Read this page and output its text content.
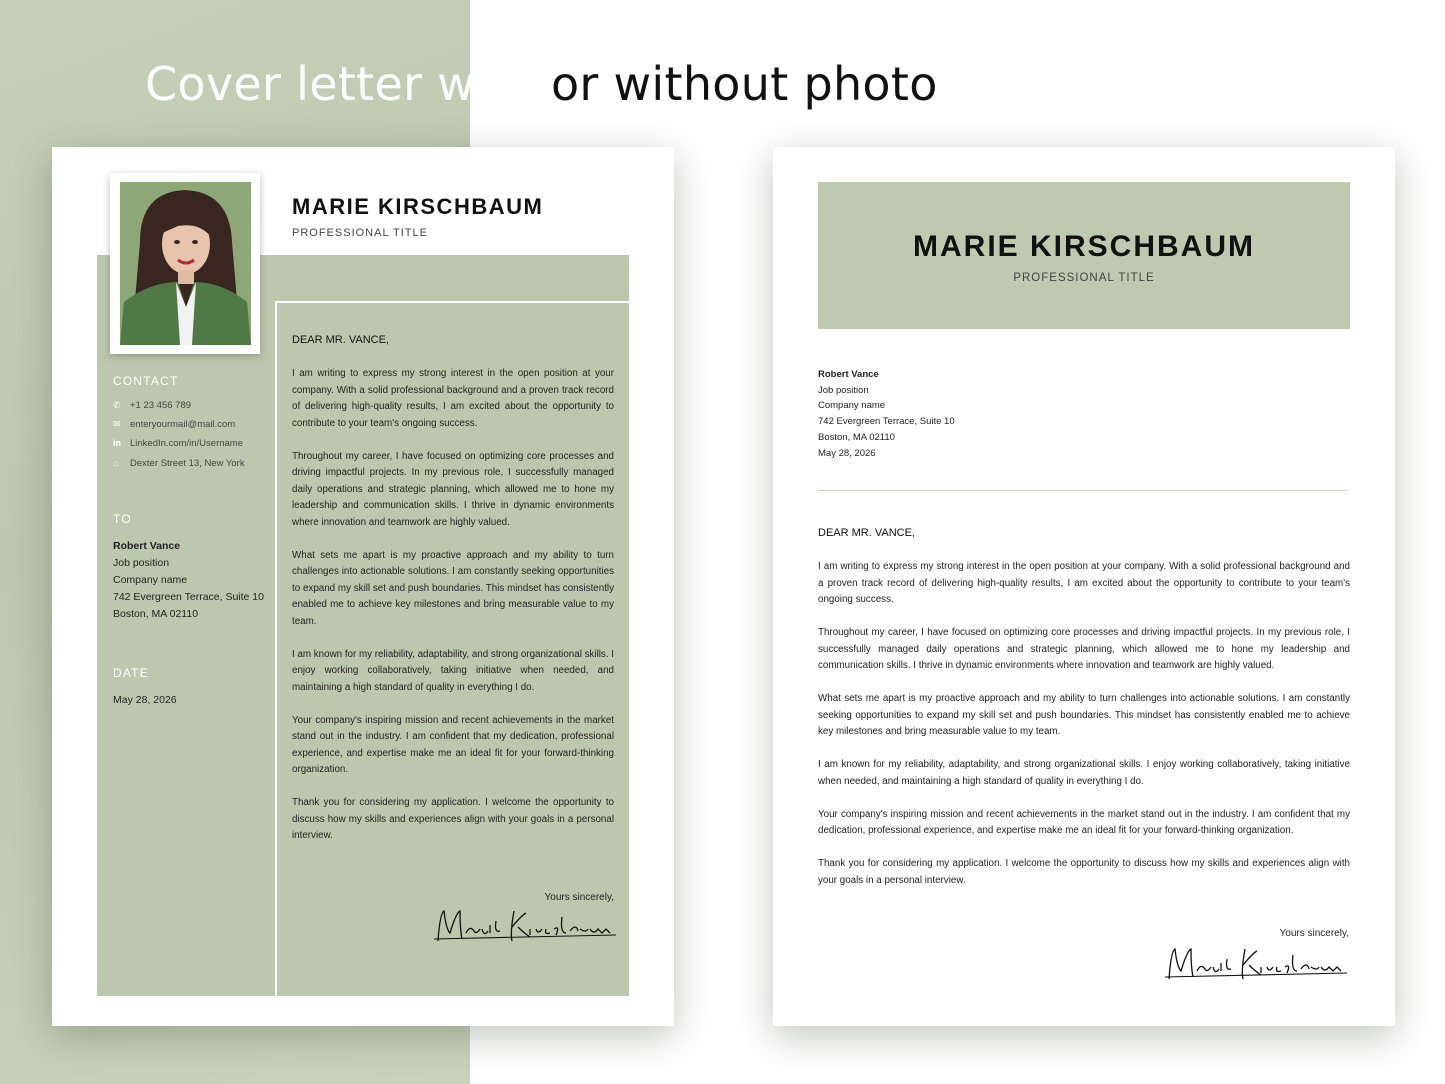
Cover letter with or without photo
MARIE KIRSCHBAUM
PROFESSIONAL TITLE
CONTACT
✆ +1 23 456 789
✉ enteryourmail@mail.com
in LinkedIn.com/in/Username
⌂ Dexter Street 13, New York
TO
Robert Vance
Job position
Company name
742 Evergreen Terrace, Suite 10
Boston, MA 02110
DATE
May 28, 2026
DEAR MR. VANCE,

I am writing to express my strong interest in the open position at your company. With a solid professional background and a proven track record of delivering high-quality results, I am excited about the opportunity to contribute to your team's ongoing success.

Throughout my career, I have focused on optimizing core processes and driving impactful projects. In my previous role, I successfully managed daily operations and strategic planning, which allowed me to hone my leadership and communication skills. I thrive in dynamic environments where innovation and teamwork are highly valued.

What sets me apart is my proactive approach and my ability to turn challenges into actionable solutions. I am constantly seeking opportunities to expand my skill set and push boundaries. This mindset has consistently enabled me to achieve key milestones and bring measurable value to my team.

I am known for my reliability, adaptability, and strong organizational skills. I enjoy working collaboratively, taking initiative when needed, and maintaining a high standard of quality in everything I do.

Your company's inspiring mission and recent achievements in the market stand out in the industry. I am confident that my dedication, professional experience, and expertise make me an ideal fit for your forward-thinking organization.

Thank you for considering my application. I welcome the opportunity to discuss how my skills and experiences align with your goals in a personal interview.

Yours sincerely,
MARIE KIRSCHBAUM
PROFESSIONAL TITLE
Robert Vance
Job position
Company name
742 Evergreen Terrace, Suite 10
Boston, MA 02110
May 28, 2026
DEAR MR. VANCE,

I am writing to express my strong interest in the open position at your company. With a solid professional background and a proven track record of delivering high-quality results, I am excited about the opportunity to contribute to your team's ongoing success.

Throughout my career, I have focused on optimizing core processes and driving impactful projects. In my previous role, I successfully managed daily operations and strategic planning, which allowed me to hone my leadership and communication skills. I thrive in dynamic environments where innovation and teamwork are highly valued.

What sets me apart is my proactive approach and my ability to turn challenges into actionable solutions. I am constantly seeking opportunities to expand my skill set and push boundaries. This mindset has consistently enabled me to achieve key milestones and bring measurable value to my team.

I am known for my reliability, adaptability, and strong organizational skills. I enjoy working collaboratively, taking initiative when needed, and maintaining a high standard of quality in everything I do.

Your company's inspiring mission and recent achievements in the market stand out in the industry. I am confident that my dedication, professional experience, and expertise make me an ideal fit for your forward-thinking organization.

Thank you for considering my application. I welcome the opportunity to discuss how my skills and experiences align with your goals in a personal interview.

Yours sincerely,
